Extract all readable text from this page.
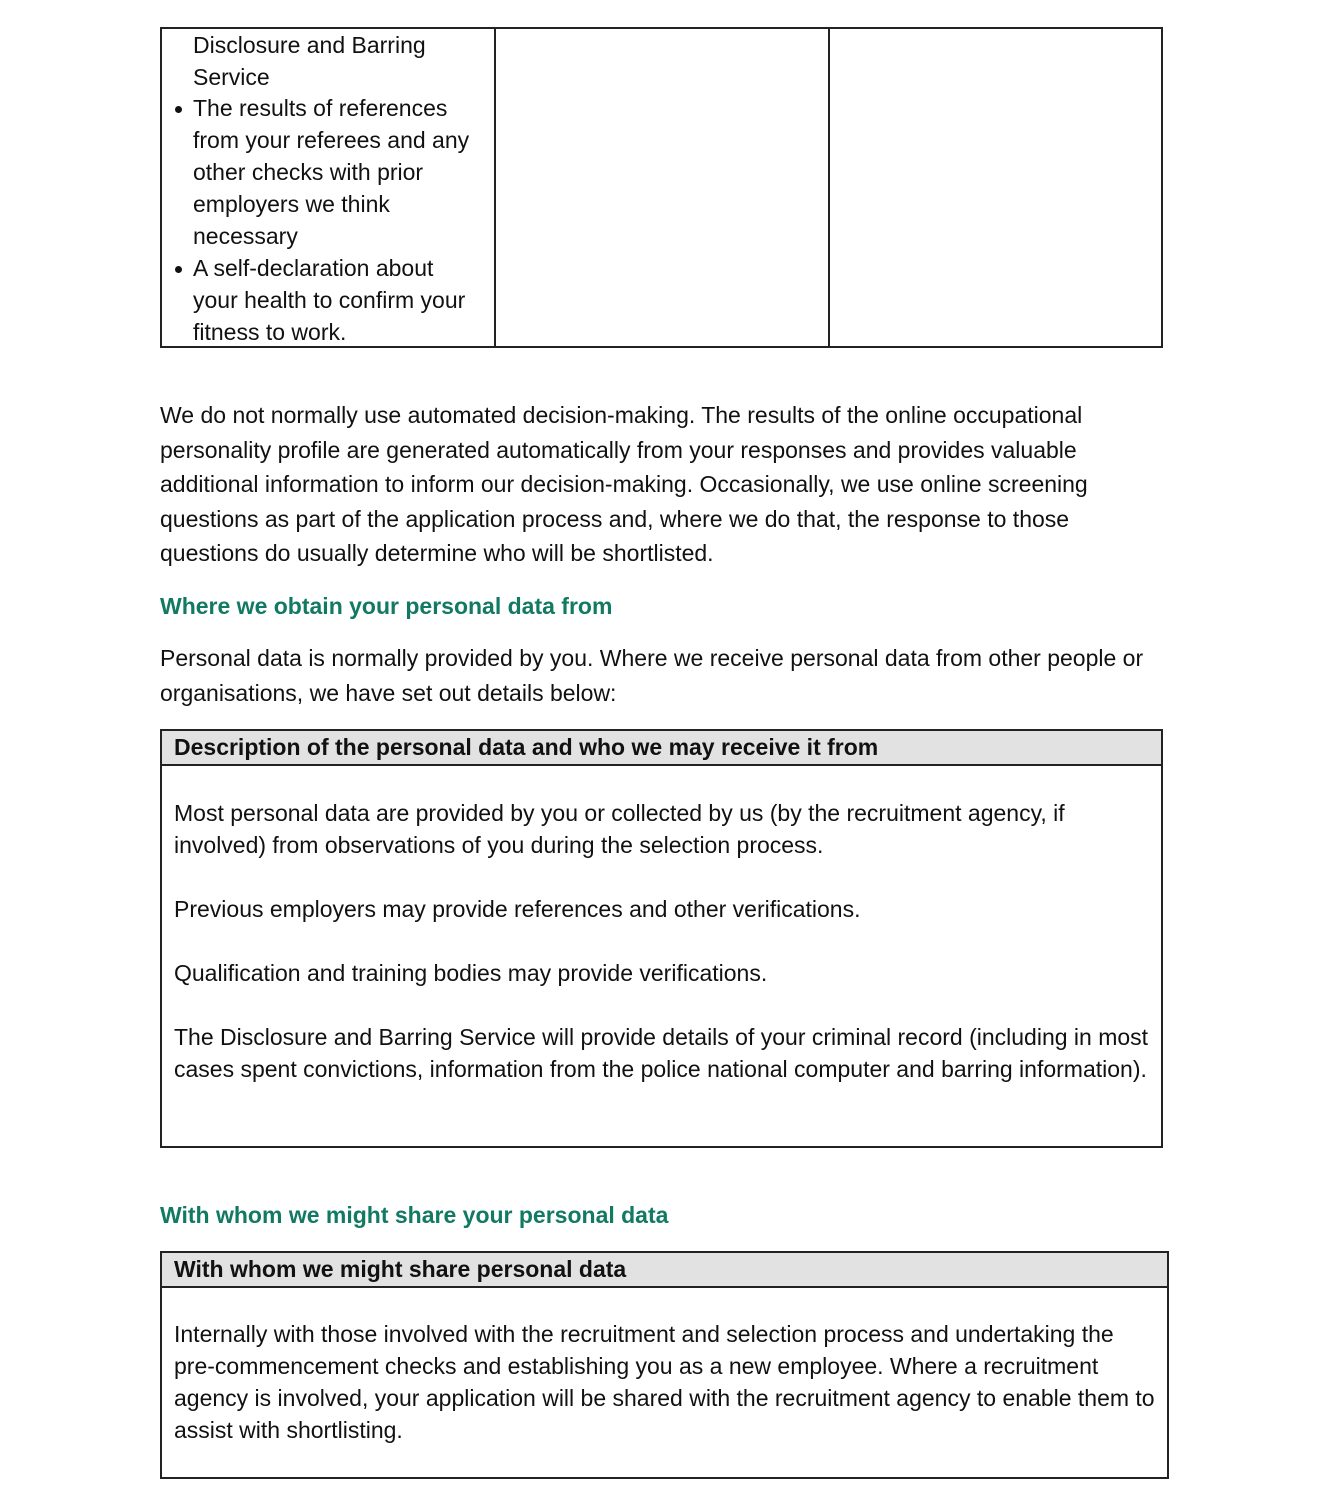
Disclosure and Barring Service
The results of references from your referees and any other checks with prior employers we think necessary
A self-declaration about your health to confirm your fitness to work.

We do not normally use automated decision-making. The results of the online occupational personality profile are generated automatically from your responses and provides valuable additional information to inform our decision-making. Occasionally, we use online screening questions as part of the application process and, where we do that, the response to those questions do usually determine who will be shortlisted.

Where we obtain your personal data from

Personal data is normally provided by you. Where we receive personal data from other people or organisations, we have set out details below:

Description of the personal data and who we may receive it from

Most personal data are provided by you or collected by us (by the recruitment agency, if involved) from observations of you during the selection process.

Previous employers may provide references and other verifications.

Qualification and training bodies may provide verifications.

The Disclosure and Barring Service will provide details of your criminal record (including in most cases spent convictions, information from the police national computer and barring information).

With whom we might share your personal data
With whom we might share personal data

Internally with those involved with the recruitment and selection process and undertaking the pre-commencement checks and establishing you as a new employee. Where a recruitment agency is involved, your application will be shared with the recruitment agency to enable them to assist with shortlisting.
